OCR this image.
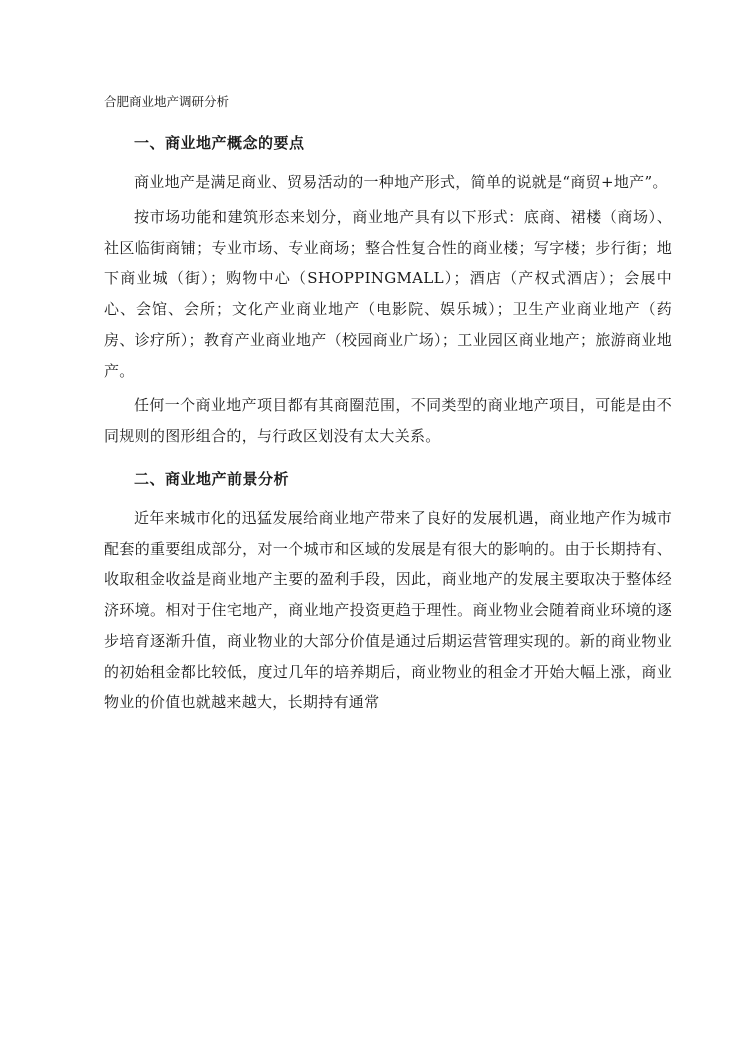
合肥商业地产调研分析
一、商业地产概念的要点

商业地产是满足商业、贸易活动的一种地产形式，简单的说就是“商贸+地产”。

按市场功能和建筑形态来划分，商业地产具有以下形式：底商、裙楼（商场）、社区临街商铺；专业市场、专业商场；整合性复合性的商业楼；写字楼；步行街；地下商业城（街）；购物中心（SHOPPINGMALL）；酒店（产权式酒店）；会展中心、会馆、会所；文化产业商业地产（电影院、娱乐城）；卫生产业商业地产（药房、诊疗所）；教育产业商业地产（校园商业广场）；工业园区商业地产；旅游商业地产。

任何一个商业地产项目都有其商圈范围，不同类型的商业地产项目，可能是由不同规则的图形组合的，与行政区划没有太大关系。

二、商业地产前景分析

近年来城市化的迅猛发展给商业地产带来了良好的发展机遇，商业地产作为城市配套的重要组成部分，对一个城市和区域的发展是有很大的影响的。由于长期持有、收取租金收益是商业地产主要的盈利手段，因此，商业地产的发展主要取决于整体经济环境。相对于住宅地产，商业地产投资更趋于理性。商业物业会随着商业环境的逐步培育逐渐升值，商业物业的大部分价值是通过后期运营管理实现的。新的商业物业的初始租金都比较低，度过几年的培养期后，商业物业的租金才开始大幅上涨，商业物业的价值也就越来越大，长期持有通常
